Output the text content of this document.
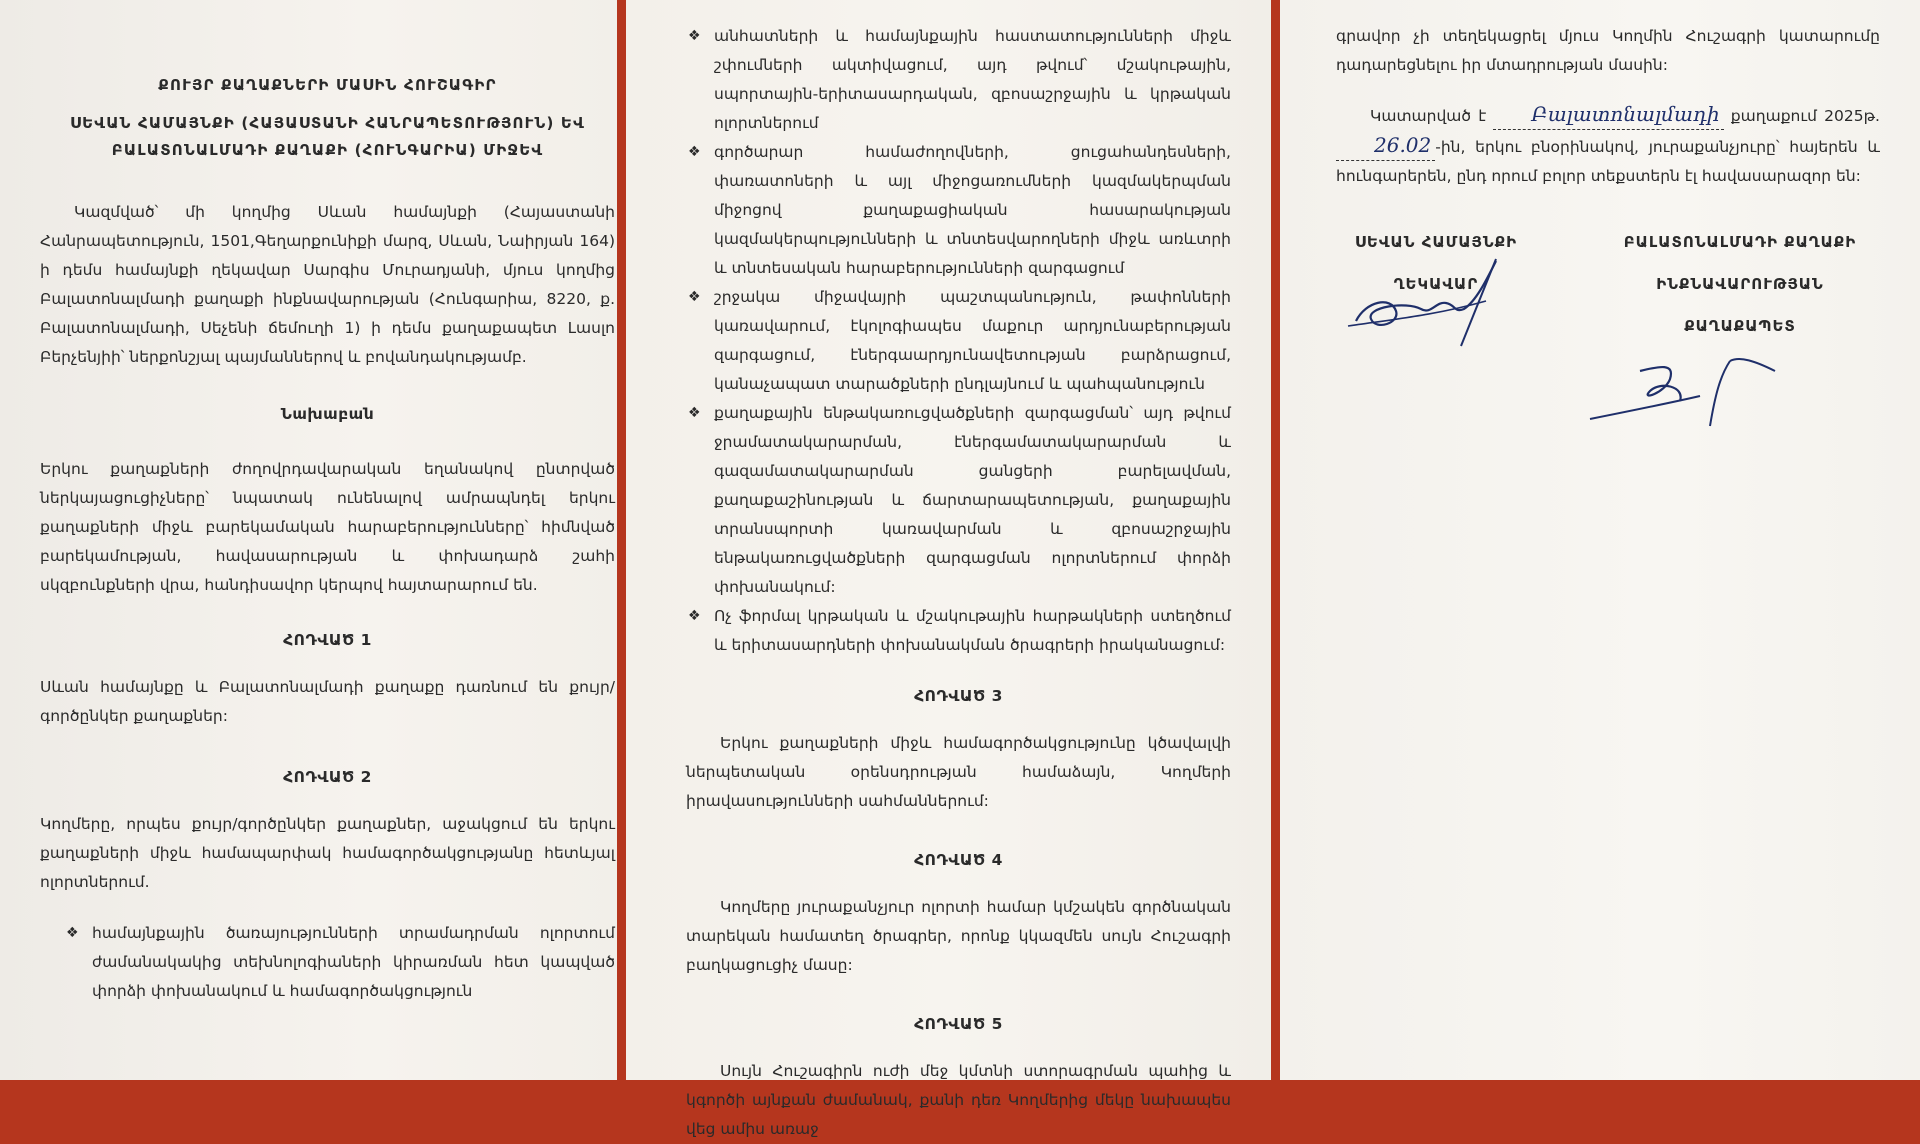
ՔՈՒՅՐ ՔԱՂԱՔՆԵՐԻ ՄԱՍԻՆ ՀՈՒՇԱԳԻՐ
ՍԵՎԱՆ ՀԱՄԱՅՆՔԻ (ՀԱՅԱՍՏԱՆԻ ՀԱՆՐԱՊԵՏՈՒԹՅՈՒՆ) ԵՎ ԲԱԼԱՏՈՆԱԼՄԱԴԻ ՔԱՂԱՔԻ (ՀՈՒՆԳԱՐԻԱ) ՄԻՋԵՎ

Կազմված՝ մի կողմից Սևան համայնքի (Հայաստանի Հանրապետություն, 1501,Գեղարքունիքի մարզ, Սևան, Նաիրյան 164) ի դեմս համայնքի ղեկավար Սարգիս Մուրադյանի, մյուս կողմից Բալատոնալմադի քաղաքի ինքնավարության (Հունգարիա, 8220, ք. Բալատոնալմադի, Սեչենի ճեմուղի 1) ի դեմս քաղաքապետ Լասլո Բերչենյիի՝ ներքոնշյալ պայմաններով և բովանդակությամբ.

Նախաբան

Երկու քաղաքների ժողովրդավարական եղանակով ընտրված ներկայացուցիչները՝ նպատակ ունենալով ամրապնդել երկու քաղաքների միջև բարեկամական հարաբերությունները՝ հիմնված բարեկամության, հավասարության և փոխադարձ շահի սկզբունքների վրա, հանդիսավոր կերպով հայտարարում են.

ՀՈԴՎԱԾ 1

Սևան համայնքը և Բալատոնալմադի քաղաքը դառնում են քույր/գործընկեր քաղաքներ:

ՀՈԴՎԱԾ 2

Կողմերը, որպես քույր/գործընկեր քաղաքներ, աջակցում են երկու քաղաքների միջև համապարփակ համագործակցությանը հետևյալ ոլորտներում.

❖ համայնքային ծառայությունների տրամադրման ոլորտում ժամանակակից տեխնոլոգիաների կիրառման հետ կապված փորձի փոխանակում և համագործակցություն
❖ անհատների և համայնքային հաստատությունների միջև շփումների ակտիվացում, այդ թվում՝ մշակութային, սպորտային-երիտասարդական, զբոսաշրջային և կրթական ոլորտներում
❖ գործարար համաժողովների, ցուցահանդեսների, փառատոների և այլ միջոցառումների կազմակերպման միջոցով քաղաքացիական հասարակության կազմակերպությունների և տնտեսվարողների միջև առևտրի և տնտեսական հարաբերությունների զարգացում
❖ շրջակա միջավայրի պաշտպանություն, թափոնների կառավարում, էկոլոգիապես մաքուր արդյունաբերության զարգացում, էներգաարդյունավետության բարձրացում, կանաչապատ տարածքների ընդլայնում և պահպանություն
❖ քաղաքային ենթակառուցվածքների զարգացման՝ այդ թվում ջրամատակարարման, էներգամատակարարման և գազամատակարարման ցանցերի բարելավման, քաղաքաշինության և ճարտարապետության, քաղաքային տրանսպորտի կառավարման և զբոսաշրջային ենթակառուցվածքների զարգացման ոլորտներում փորձի փոխանակում:
❖ Ոչ ֆորմալ կրթական և մշակութային հարթակների ստեղծում և երիտասարդների փոխանակման ծրագրերի իրականացում:
ՀՈԴՎԱԾ 3

Երկու քաղաքների միջև համագործակցությունը կծավալվի ներպետական օրենսդրության համաձայն, Կողմերի իրավասությունների սահմաններում:

ՀՈԴՎԱԾ 4

Կողմերը յուրաքանչյուր ոլորտի համար կմշակեն գործնական տարեկան համատեղ ծրագրեր, որոնք կկազմեն սույն Հուշագրի բաղկացուցիչ մասը:

ՀՈԴՎԱԾ 5

Սույն Հուշագիրն ուժի մեջ կմտնի ստորագրման պահից և կգործի այնքան ժամանակ, քանի դեռ Կողմերից մեկը նախապես վեց ամիս առաջ

գրավոր չի տեղեկացրել մյուս Կողմին Հուշագրի կատարումը դադարեցնելու իր մտադրության մասին:

Կատարված է Բալատոնալմադի քաղաքում 2025թ. 26.02 -ին, երկու բնօրինակով, յուրաքանչյուրը՝ հայերեն և հունգարերեն, ընդ որում բոլոր տեքստերն էլ հավասարազոր են:

ՍԵՎԱՆ ՀԱՄԱՅՆՔԻ
ՂԵԿԱՎԱՐ
ԲԱԼԱՏՈՆԱԼՄԱԴԻ ՔԱՂԱՔԻ
ԻՆՔՆԱՎԱՐՈՒԹՅԱՆ
ՔԱՂԱՔԱՊԵՏ
